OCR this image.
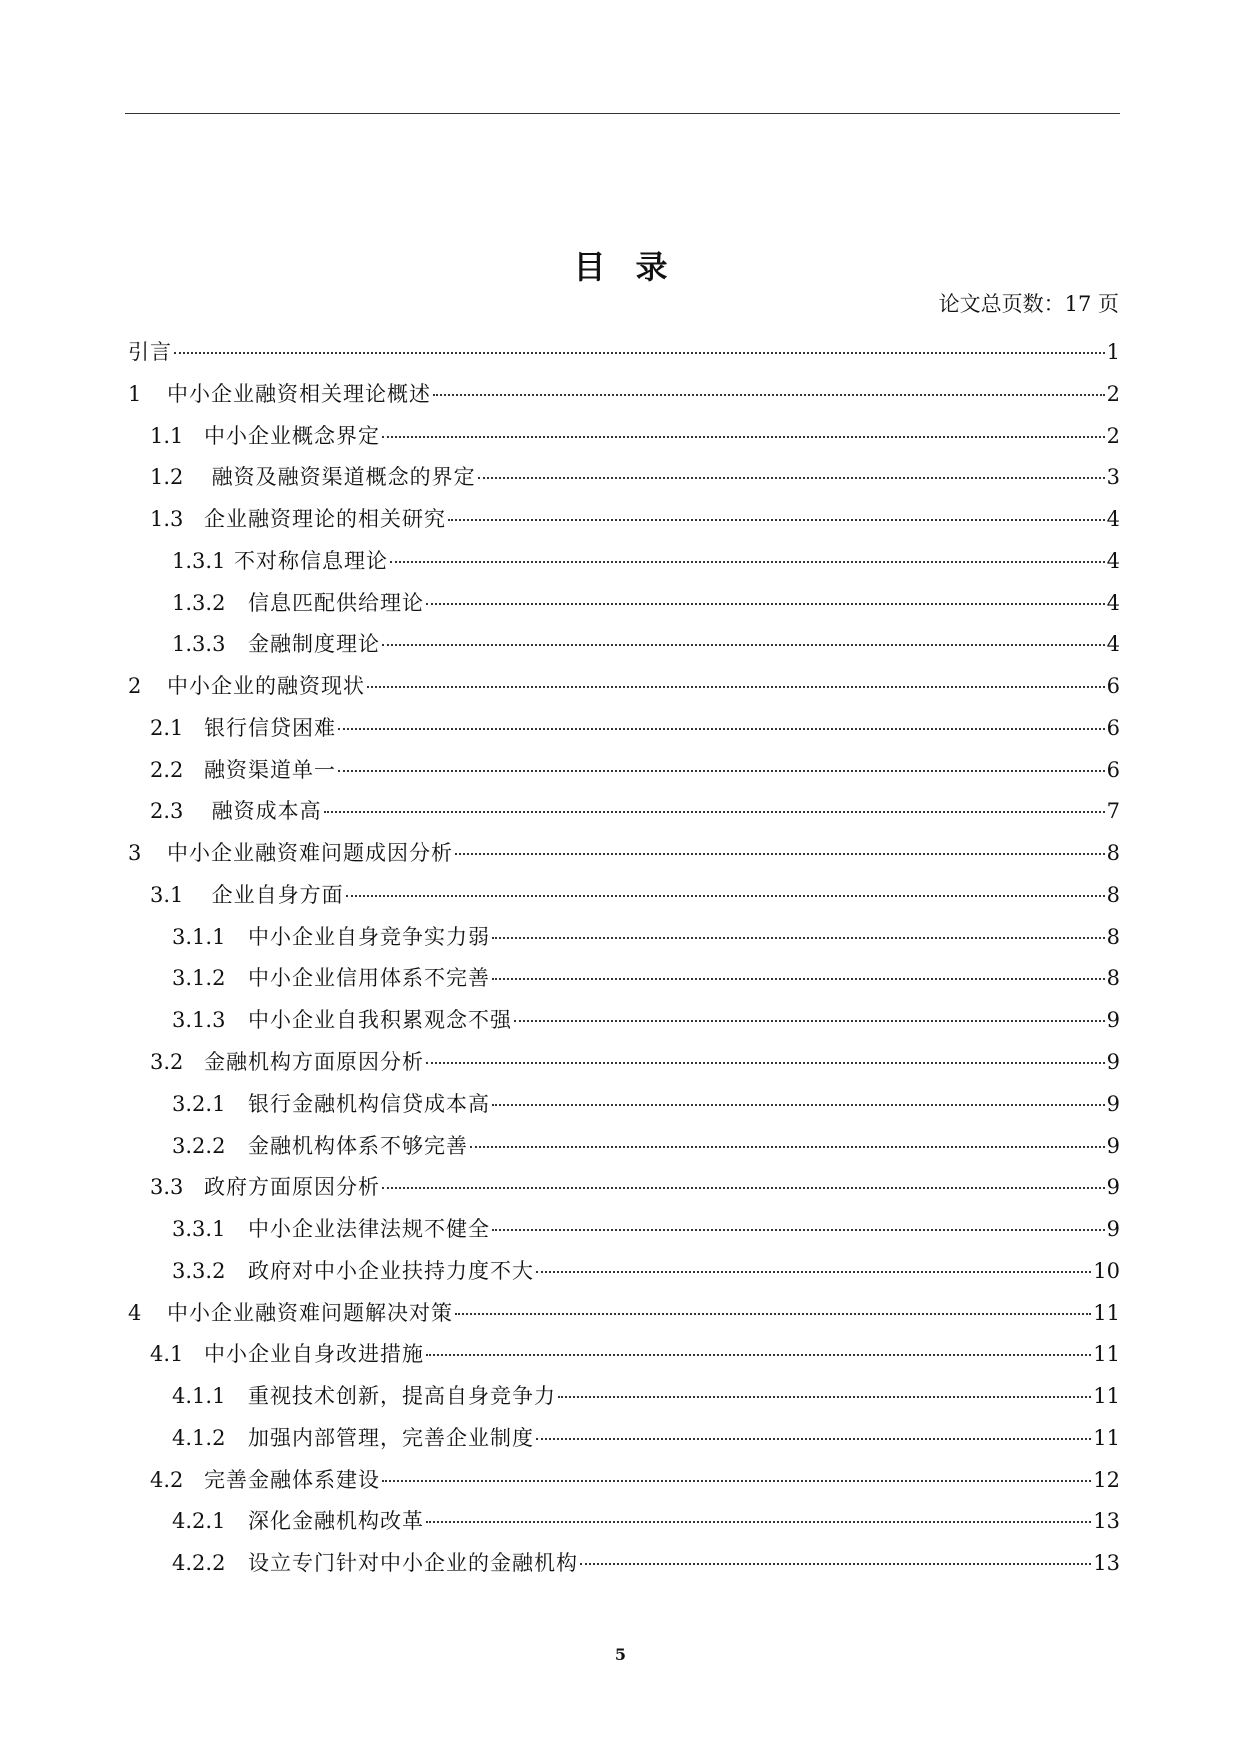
目录
论文总页数：17 页
引言	1
1	中小企业融资相关理论概述	2
1.1 中小企业概念界定	2
1.2 融资及融资渠道概念的界定	3
1.3 企业融资理论的相关研究	4
1.3.1 不对称信息理论	4
1.3.2	信息匹配供给理论	4
1.3.3	金融制度理论	4
2	中小企业的融资现状	6
2.1 银行信贷困难	6
2.2 融资渠道单一	6
2.3 融资成本高	7
3	中小企业融资难问题成因分析	8
3.1 企业自身方面	8
3.1.1	中小企业自身竞争实力弱	8
3.1.2	中小企业信用体系不完善	8
3.1.3	中小企业自我积累观念不强	9
3.2 金融机构方面原因分析	9
3.2.1	银行金融机构信贷成本高	9
3.2.2	金融机构体系不够完善	9
3.3 政府方面原因分析	9
3.3.1	中小企业法律法规不健全	9
3.3.2	政府对中小企业扶持力度不大	10
4	中小企业融资难问题解决对策	11
4.1 中小企业自身改进措施	11
4.1.1	重视技术创新，提高自身竞争力	11
4.1.2	加强内部管理，完善企业制度	11
4.2 完善金融体系建设	12
4.2.1	深化金融机构改革	13
4.2.2	设立专门针对中小企业的金融机构	13
5
